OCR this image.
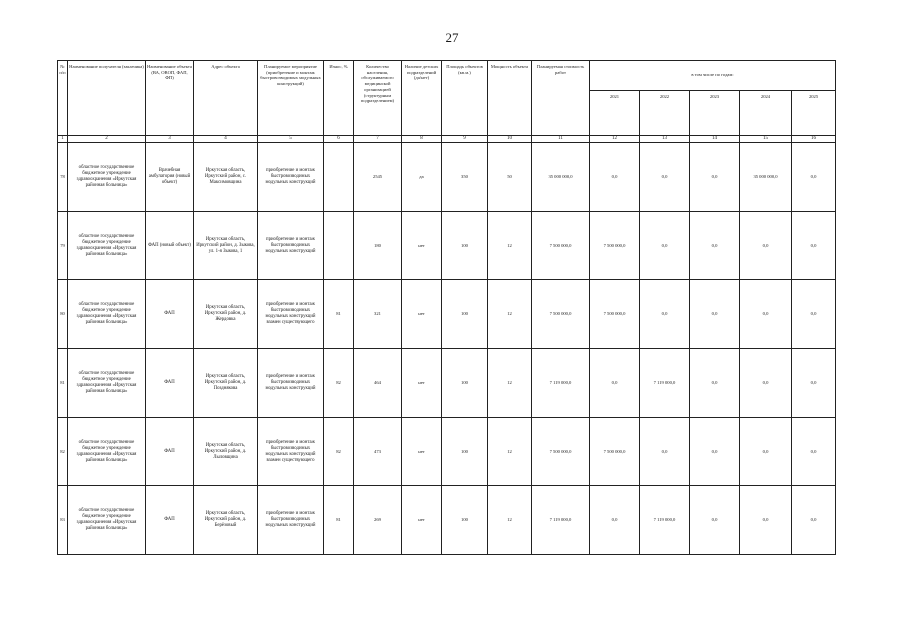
27
№ п/п	Наименование получателя (заказчика)	Наименование объекта (ВА, ОВОП, ФАП, ФП)	Адрес объекта	Планируемое мероприятие (приобретение и монтаж быстровозводимых модульных конструкций)	Износ, %	Количество населения, обслуживаемого медицинской организацией (структурным подразделением)	Наличие детских подразделений (да/нет)	Площадь объектов (кв.м.)	Мощность объекта	Планируемая стоимость работ	в том числе по годам:				
											2021	2022	2023	2024	2025
1	2	3	4	5	6	7	8	9	10	11	12	13	14	15	16
78	областное государственное бюджетное учреждение здравоохранения «Иркутская районная больница»	Врачебная амбулатория (новый объект)	Иркутская область, Иркутский район, с. Максимовщина	приобретение и монтаж быстровозводимых модульных конструкций		2545	да	350	50	35 000 000,0	0,0	0,0	0,0	35 000 000,0	0,0
79	областное государственное бюджетное учреждение здравоохранения «Иркутская районная больница»	ФАП (новый объект)	Иркутская область, Иркутский район, д. Зыкова, ул. 1-я Зыкова, 1	приобретение и монтаж быстровозводимых модульных конструкций		180	нет	100	12	7 500 000,0	7 500 000,0	0,0	0,0	0,0	0,0
80	областное государственное бюджетное учреждение здравоохранения «Иркутская районная больница»	ФАП	Иркутская область, Иркутский район, д. Жердовка	приобретение и монтаж быстровозводимых модульных конструкций взамен существующего	81	321	нет	100	12	7 500 000,0	7 500 000,0	0,0	0,0	0,0	0,0
81	областное государственное бюджетное учреждение здравоохранения «Иркутская районная больница»	ФАП	Иркутская область, Иркутский район, д. Позднякова	приобретение и монтаж быстровозводимых модульных конструкций	82	464	нет	100	12	7 119 000,0	0,0	7 119 000,0	0,0	0,0	0,0
82	областное государственное бюджетное учреждение здравоохранения «Иркутская районная больница»	ФАП	Иркутская область, Иркутский район, д. Лыловщина	приобретение и монтаж быстровозводимых модульных конструкций взамен существующего	82	473	нет	100	12	7 500 000,0	7 500 000,0	0,0	0,0	0,0	0,0
83	областное государственное бюджетное учреждение здравоохранения «Иркутская районная больница»	ФАП	Иркутская область, Иркутский район, д. Берёзовый	приобретение и монтаж быстровозводимых модульных конструкций	81	269	нет	100	12	7 119 000,0	0,0	7 119 000,0	0,0	0,0	0,0
